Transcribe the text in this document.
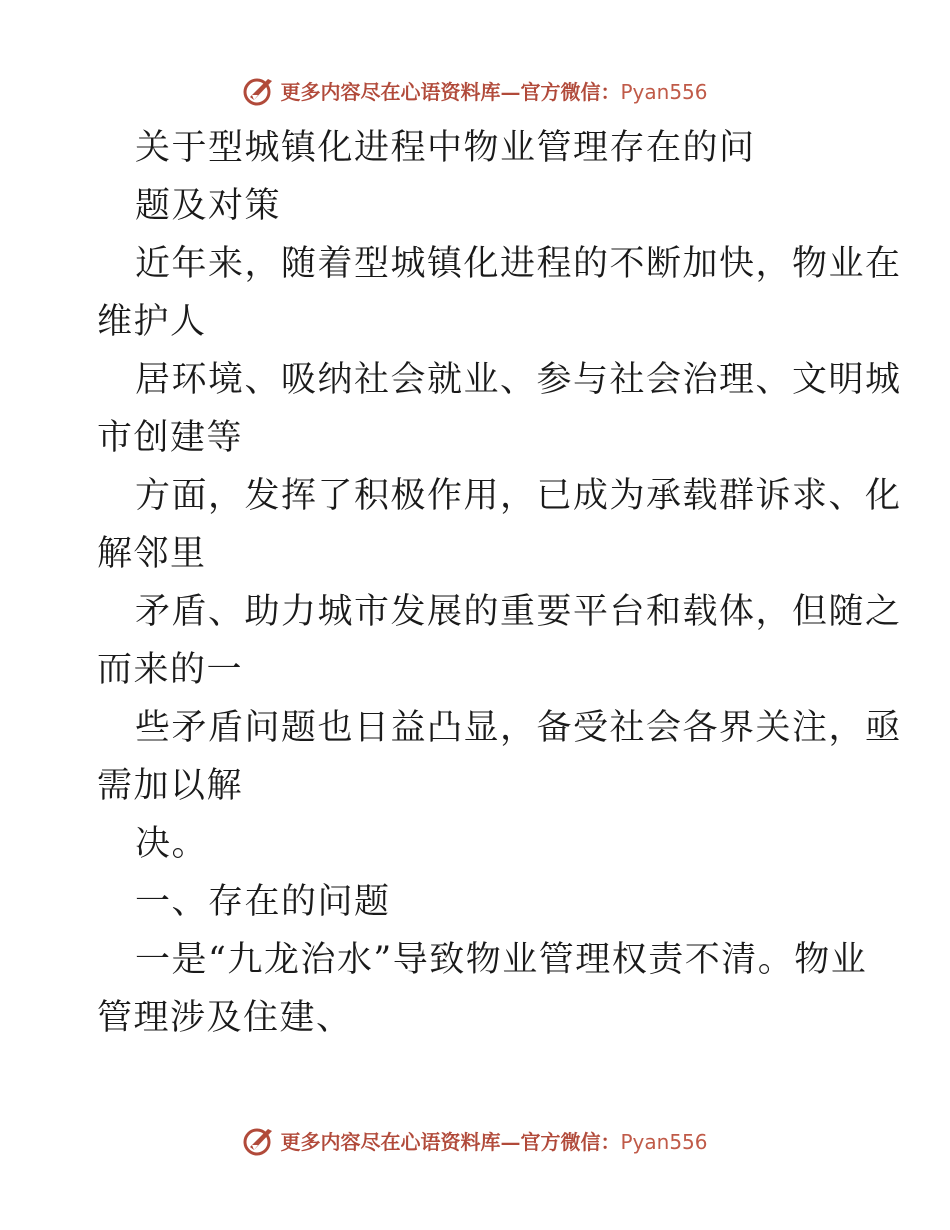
更多内容尽在心语资料库—官方微信：Pyan556
关于型城镇化进程中物业管理存在的问
题及对策
近年来，随着型城镇化进程的不断加快，物业在
维护人
居环境、吸纳社会就业、参与社会治理、文明城
市创建等
方面，发挥了积极作用，已成为承载群诉求、化
解邻里
矛盾、助力城市发展的重要平台和载体，但随之
而来的一
些矛盾问题也日益凸显，备受社会各界关注，亟
需加以解
决。
一、存在的问题
一是“九龙治水”导致物业管理权责不清。物业
管理涉及住建、
更多内容尽在心语资料库—官方微信：Pyan556
